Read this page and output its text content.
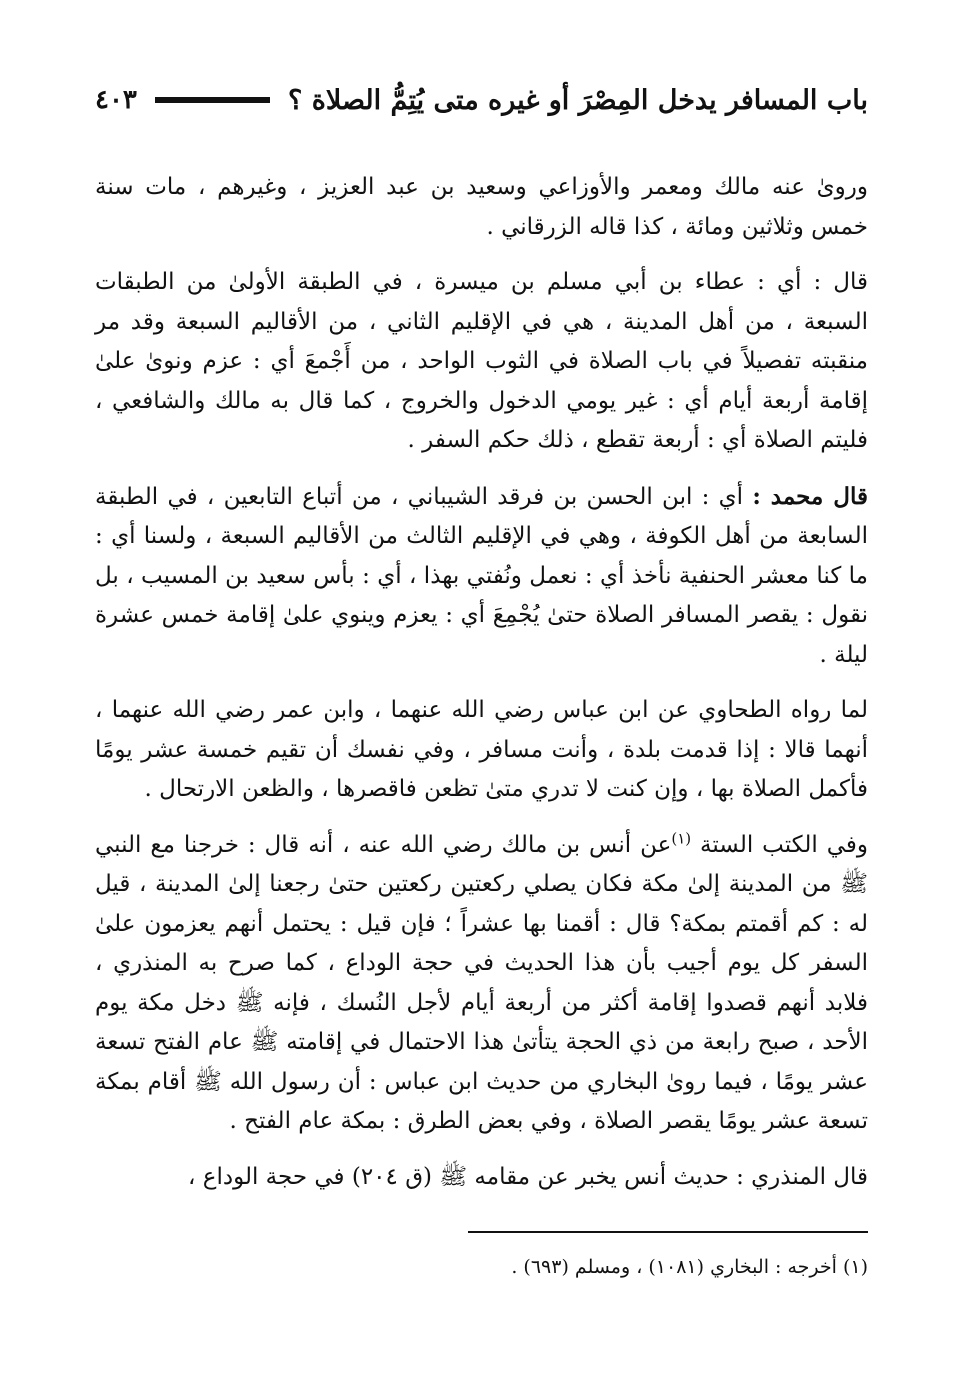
باب المسافر يدخل المِصْرَ أو غيره متى يُتِمُّ الصلاة ؟
٤٠٣

وروىٰ عنه مالك ومعمر والأوزاعي وسعيد بن عبد العزيز ، وغيرهم ، مات سنة خمس وثلاثين ومائة ، كذا قاله الزرقاني .

قال : أي : عطاء بن أبي مسلم بن ميسرة ، في الطبقة الأولىٰ من الطبقات السبعة ، من أهل المدينة ، هي في الإقليم الثاني ، من الأقاليم السبعة وقد مر منقبته تفصيلاً في باب الصلاة في الثوب الواحد ، من أَجْمعَ أي : عزم ونوىٰ علىٰ إقامة أربعة أيام أي : غير يومي الدخول والخروج ، كما قال به مالك والشافعي ، فليتم الصلاة أي : أربعة تقطع ، ذلك حكم السفر .

قال محمد : أي : ابن الحسن بن فرقد الشيباني ، من أتباع التابعين ، في الطبقة السابعة من أهل الكوفة ، وهي في الإقليم الثالث من الأقاليم السبعة ، ولسنا أي : ما كنا معشر الحنفية نأخذ أي : نعمل ونُفتي بهذا ، أي : بأس سعيد بن المسيب ، بل نقول : يقصر المسافر الصلاة حتىٰ يُجْمِعَ أي : يعزم وينوي علىٰ إقامة خمس عشرة ليلة .

لما رواه الطحاوي عن ابن عباس رضي الله عنهما ، وابن عمر رضي الله عنهما ، أنهما قالا : إذا قدمت بلدة ، وأنت مسافر ، وفي نفسك أن تقيم خمسة عشر يومًا فأكمل الصلاة بها ، وإن كنت لا تدري متىٰ تظعن فاقصرها ، والظعن الارتحال .

وفي الكتب الستة $^{(١)}$عن أنس بن مالك رضي الله عنه ، أنه قال : خرجنا مع النبي ﷺ من المدينة إلىٰ مكة فكان يصلي ركعتين ركعتين حتىٰ رجعنا إلىٰ المدينة ، قيل له : كم أقمتم بمكة؟ قال : أقمنا بها عشراً ؛ فإن قيل : يحتمل أنهم يعزمون علىٰ السفر كل يوم أجيب بأن هذا الحديث في حجة الوداع ، كما صرح به المنذري ، فلابد أنهم قصدوا إقامة أكثر من أربعة أيام لأجل النُسك ، فإنه ﷺ دخل مكة يوم الأحد ، صبح رابعة من ذي الحجة يتأتىٰ هذا الاحتمال في إقامته ﷺ عام الفتح تسعة عشر يومًا ، فيما روىٰ البخاري من حديث ابن عباس : أن رسول الله ﷺ أقام بمكة تسعة عشر يومًا يقصر الصلاة ، وفي بعض الطرق : بمكة عام الفتح .

قال المنذري : حديث أنس يخبر عن مقامه ﷺ (ق ٢٠٤) في حجة الوداع ،

(١) أخرجه : البخاري (١٠٨١) ، ومسلم (٦٩٣) .
